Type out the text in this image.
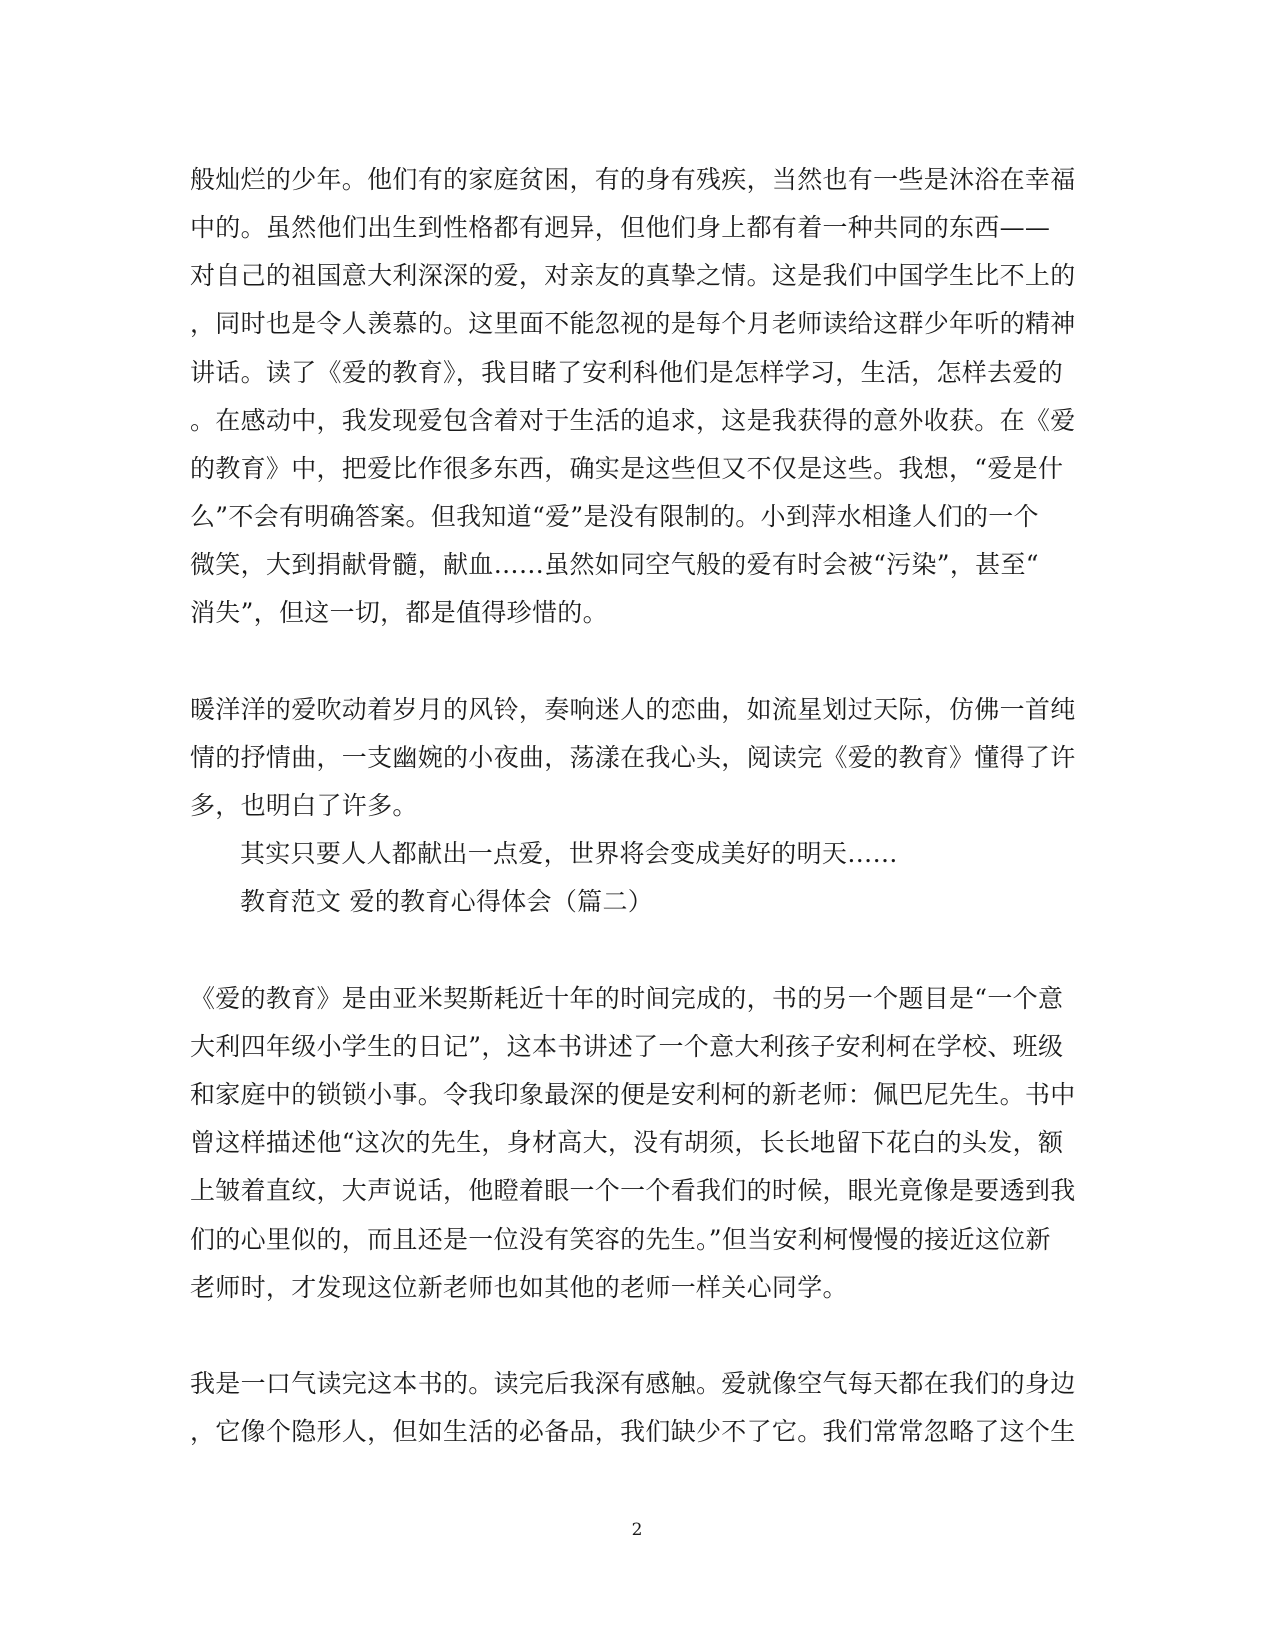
般灿烂的少年。他们有的家庭贫困，有的身有残疾，当然也有一些是沐浴在幸福
中的。虽然他们出生到性格都有迥异，但他们身上都有着一种共同的东西——
对自己的祖国意大利深深的爱，对亲友的真挚之情。这是我们中国学生比不上的
，同时也是令人羡慕的。这里面不能忽视的是每个月老师读给这群少年听的精神
讲话。读了《爱的教育》，我目睹了安利科他们是怎样学习，生活，怎样去爱的
。在感动中，我发现爱包含着对于生活的追求，这是我获得的意外收获。在《爱
的教育》中，把爱比作很多东西，确实是这些但又不仅是这些。我想，“爱是什
么”不会有明确答案。但我知道“爱”是没有限制的。小到萍水相逢人们的一个
微笑，大到捐献骨髓，献血……虽然如同空气般的爱有时会被“污染”，甚至“
消失”，但这一切，都是值得珍惜的。
暖洋洋的爱吹动着岁月的风铃，奏响迷人的恋曲，如流星划过天际，仿佛一首纯
情的抒情曲，一支幽婉的小夜曲，荡漾在我心头，阅读完《爱的教育》懂得了许
多，也明白了许多。
其实只要人人都献出一点爱，世界将会变成美好的明天……
教育范文 爱的教育心得体会（篇二）
《爱的教育》是由亚米契斯耗近十年的时间完成的，书的另一个题目是“一个意
大利四年级小学生的日记”，这本书讲述了一个意大利孩子安利柯在学校、班级
和家庭中的锁锁小事。令我印象最深的便是安利柯的新老师：佩巴尼先生。书中
曾这样描述他“这次的先生，身材高大，没有胡须，长长地留下花白的头发，额
上皱着直纹，大声说话，他瞪着眼一个一个看我们的时候，眼光竟像是要透到我
们的心里似的，而且还是一位没有笑容的先生。”但当安利柯慢慢的接近这位新
老师时，才发现这位新老师也如其他的老师一样关心同学。
我是一口气读完这本书的。读完后我深有感触。爱就像空气每天都在我们的身边
，它像个隐形人，但如生活的必备品，我们缺少不了它。我们常常忽略了这个生
2
